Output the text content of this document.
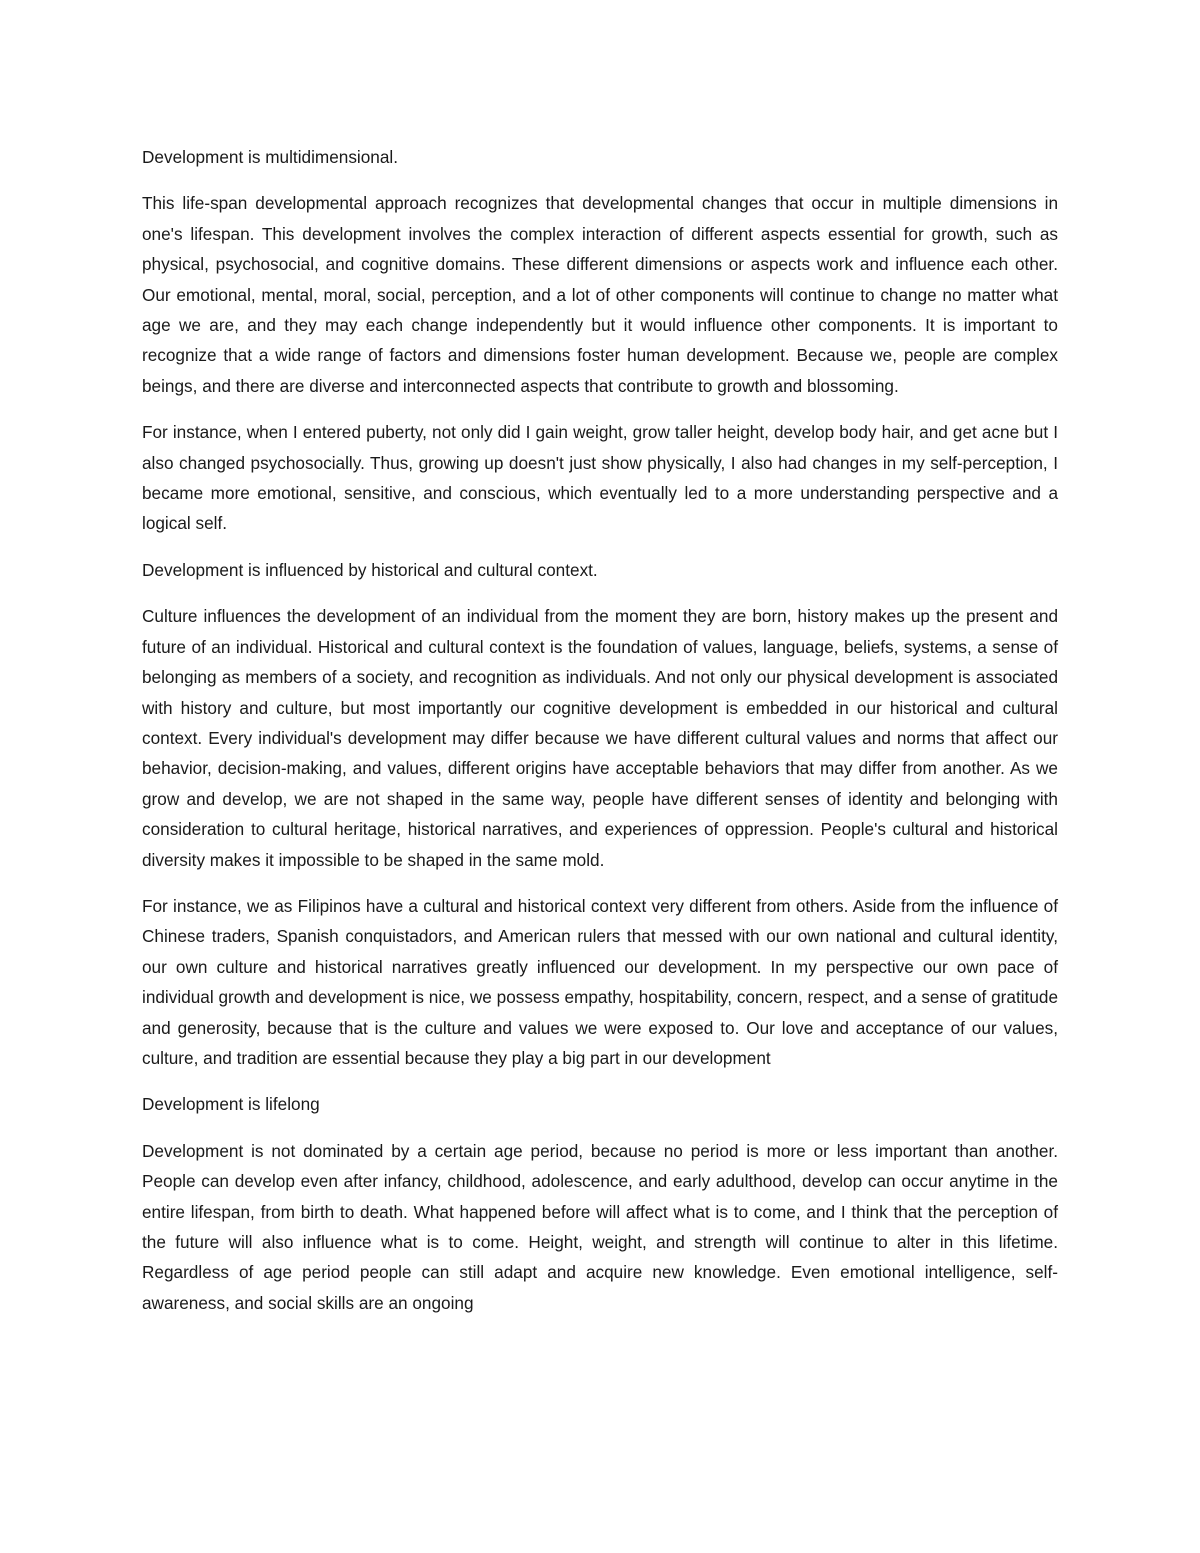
Development is multidimensional.

This life-span developmental approach recognizes that developmental changes that occur in multiple dimensions in one's lifespan. This development involves the complex interaction of different aspects essential for growth, such as physical, psychosocial, and cognitive domains. These different dimensions or aspects work and influence each other. Our emotional, mental, moral, social, perception, and a lot of other components will continue to change no matter what age we are, and they may each change independently but it would influence other components. It is important to recognize that a wide range of factors and dimensions foster human development. Because we, people are complex beings, and there are diverse and interconnected aspects that contribute to growth and blossoming.

For instance, when I entered puberty, not only did I gain weight, grow taller height, develop body hair, and get acne but I also changed psychosocially. Thus, growing up doesn't just show physically, I also had changes in my self-perception, I became more emotional, sensitive, and conscious, which eventually led to a more understanding perspective and a logical self.

Development is influenced by historical and cultural context.

Culture influences the development of an individual from the moment they are born, history makes up the present and future of an individual. Historical and cultural context is the foundation of values, language, beliefs, systems, a sense of belonging as members of a society, and recognition as individuals. And not only our physical development is associated with history and culture, but most importantly our cognitive development is embedded in our historical and cultural context. Every individual's development may differ because we have different cultural values and norms that affect our behavior, decision-making, and values, different origins have acceptable behaviors that may differ from another. As we grow and develop, we are not shaped in the same way, people have different senses of identity and belonging with consideration to cultural heritage, historical narratives, and experiences of oppression. People's cultural and historical diversity makes it impossible to be shaped in the same mold.

For instance, we as Filipinos have a cultural and historical context very different from others. Aside from the influence of Chinese traders, Spanish conquistadors, and American rulers that messed with our own national and cultural identity, our own culture and historical narratives greatly influenced our development. In my perspective our own pace of individual growth and development is nice, we possess empathy, hospitability, concern, respect, and a sense of gratitude and generosity, because that is the culture and values we were exposed to. Our love and acceptance of our values, culture, and tradition are essential because they play a big part in our development

Development is lifelong

Development is not dominated by a certain age period, because no period is more or less important than another. People can develop even after infancy, childhood, adolescence, and early adulthood, develop can occur anytime in the entire lifespan, from birth to death. What happened before will affect what is to come, and I think that the perception of the future will also influence what is to come. Height, weight, and strength will continue to alter in this lifetime. Regardless of age period people can still adapt and acquire new knowledge. Even emotional intelligence, self-awareness, and social skills are an ongoing
